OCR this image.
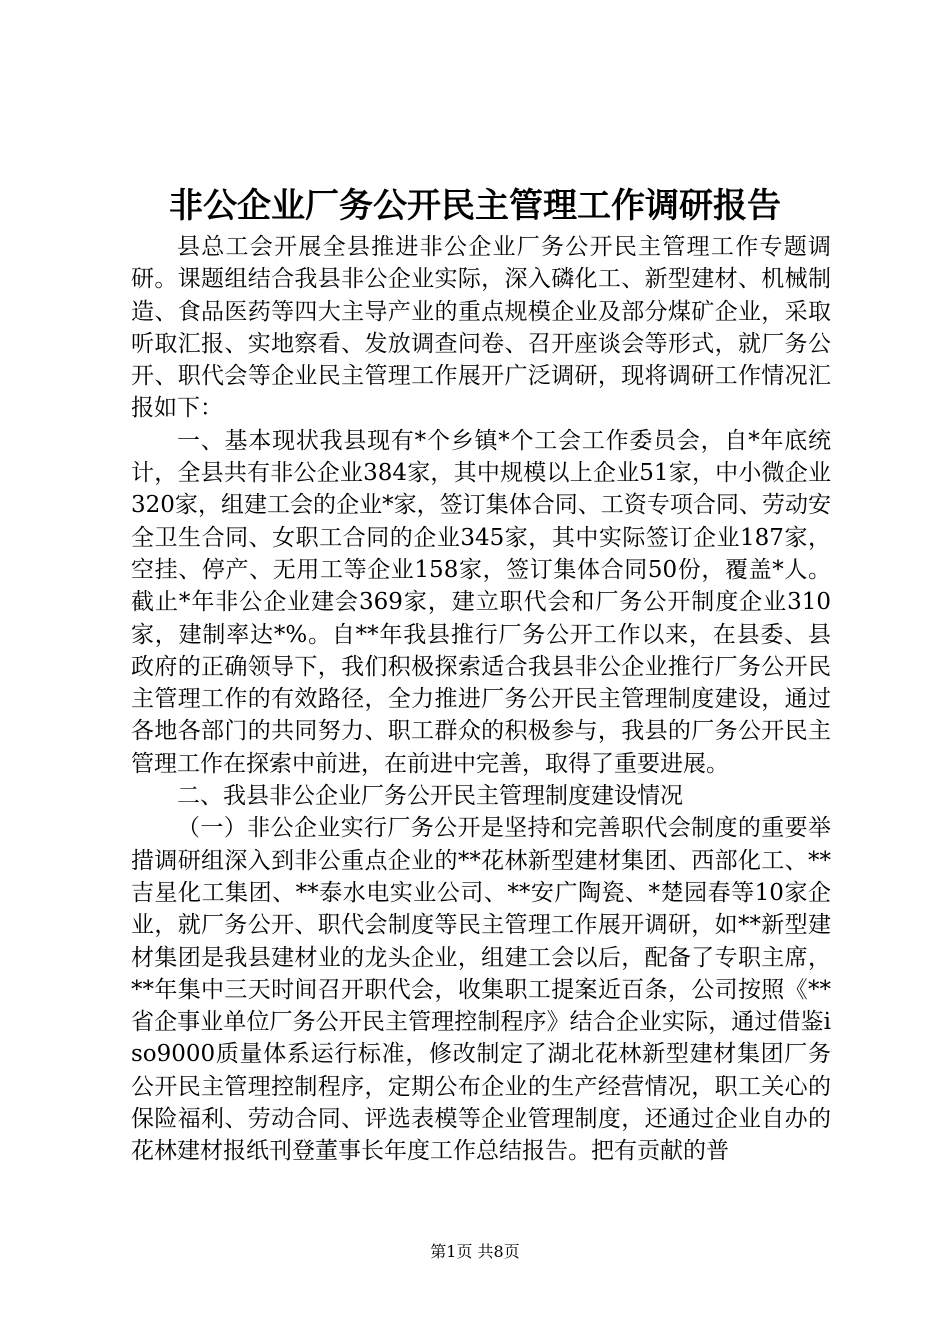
非公企业厂务公开民主管理工作调研报告

县总工会开展全县推进非公企业厂务公开民主管理工作专题调研。课题组结合我县非公企业实际，深入磷化工、新型建材、机械制造、食品医药等四大主导产业的重点规模企业及部分煤矿企业，采取听取汇报、实地察看、发放调查问卷、召开座谈会等形式，就厂务公开、职代会等企业民主管理工作展开广泛调研，现将调研工作情况汇报如下：

一、基本现状我县现有*个乡镇*个工会工作委员会，自*年底统计，全县共有非公企业384家，其中规模以上企业51家，中小微企业320家，组建工会的企业*家，签订集体合同、工资专项合同、劳动安全卫生合同、女职工合同的企业345家，其中实际签订企业187家，空挂、停产、无用工等企业158家，签订集体合同50份，覆盖*人。截止*年非公企业建会369家，建立职代会和厂务公开制度企业310家，建制率达*%。自**年我县推行厂务公开工作以来，在县委、县政府的正确领导下，我们积极探索适合我县非公企业推行厂务公开民主管理工作的有效路径，全力推进厂务公开民主管理制度建设，通过各地各部门的共同努力、职工群众的积极参与，我县的厂务公开民主管理工作在探索中前进，在前进中完善，取得了重要进展。

二、我县非公企业厂务公开民主管理制度建设情况

（一）非公企业实行厂务公开是坚持和完善职代会制度的重要举措调研组深入到非公重点企业的**花林新型建材集团、西部化工、**吉星化工集团、**泰水电实业公司、**安广陶瓷、*楚园春等10家企业，就厂务公开、职代会制度等民主管理工作展开调研，如**新型建材集团是我县建材业的龙头企业，组建工会以后，配备了专职主席，**年集中三天时间召开职代会，收集职工提案近百条，公司按照《**省企事业单位厂务公开民主管理控制程序》结合企业实际，通过借鉴iso9000质量体系运行标准，修改制定了湖北花林新型建材集团厂务公开民主管理控制程序，定期公布企业的生产经营情况，职工关心的保险福利、劳动合同、评选表模等企业管理制度，还通过企业自办的花林建材报纸刊登董事长年度工作总结报告。把有贡献的普

第1页 共8页
